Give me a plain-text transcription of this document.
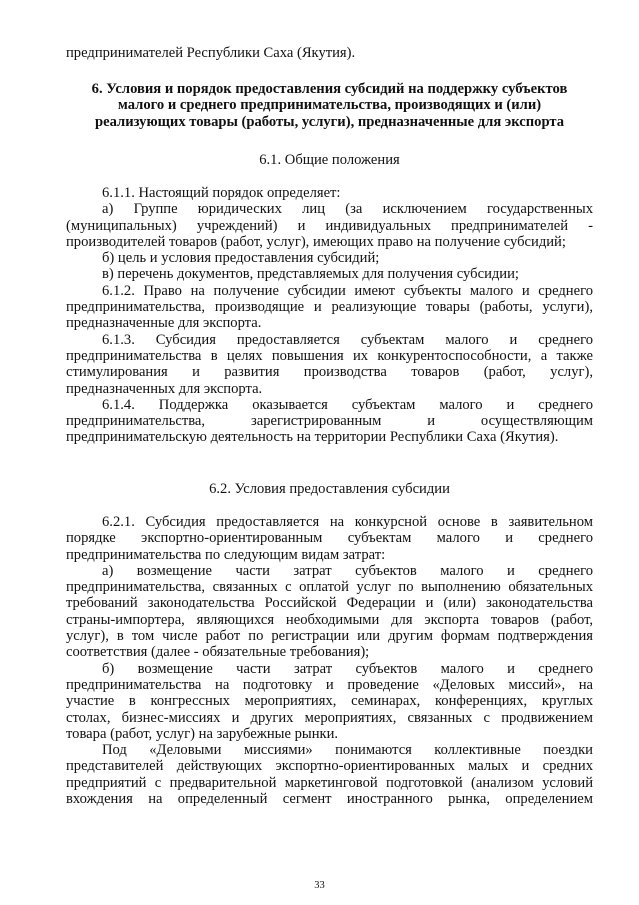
предпринимателей Республики Саха (Якутия).
6. Условия и порядок предоставления субсидий на поддержку субъектов
малого и среднего предпринимательства, производящих и (или)
реализующих товары (работы, услуги), предназначенные для экспорта
6.1. Общие положения
6.1.1. Настоящий порядок определяет:
а) Группе юридических лиц (за исключением государственных
(муниципальных) учреждений) и индивидуальных предпринимателей -
производителей товаров (работ, услуг), имеющих право на получение субсидий;
б) цель и условия предоставления субсидий;
в) перечень документов, представляемых для получения субсидии;
6.1.2. Право на получение субсидии имеют субъекты малого и среднего
предпринимательства, производящие и реализующие товары (работы, услуги),
предназначенные для экспорта.
6.1.3. Субсидия предоставляется субъектам малого и среднего
предпринимательства в целях повышения их конкурентоспособности, а также
стимулирования и развития производства товаров (работ, услуг),
предназначенных для экспорта.
6.1.4. Поддержка оказывается субъектам малого и среднего
предпринимательства, зарегистрированным и осуществляющим
предпринимательскую деятельность на территории Республики Саха (Якутия).
6.2. Условия предоставления субсидии
6.2.1. Субсидия предоставляется на конкурсной основе в заявительном
порядке экспортно-ориентированным субъектам малого и среднего
предпринимательства по следующим видам затрат:
а) возмещение части затрат субъектов малого и среднего
предпринимательства, связанных с оплатой услуг по выполнению обязательных
требований законодательства Российской Федерации и (или) законодательства
страны-импортера, являющихся необходимыми для экспорта товаров (работ,
услуг), в том числе работ по регистрации или другим формам подтверждения
соответствия (далее - обязательные требования);
б) возмещение части затрат субъектов малого и среднего
предпринимательства на подготовку и проведение «Деловых миссий», на
участие в конгрессных мероприятиях, семинарах, конференциях, круглых
столах, бизнес-миссиях и других мероприятиях, связанных с продвижением
товара (работ, услуг) на зарубежные рынки.
Под «Деловыми миссиями» понимаются коллективные поездки
представителей действующих экспортно-ориентированных малых и средних
предприятий с предварительной маркетинговой подготовкой (анализом условий
вхождения на определенный сегмент иностранного рынка, определением
33
